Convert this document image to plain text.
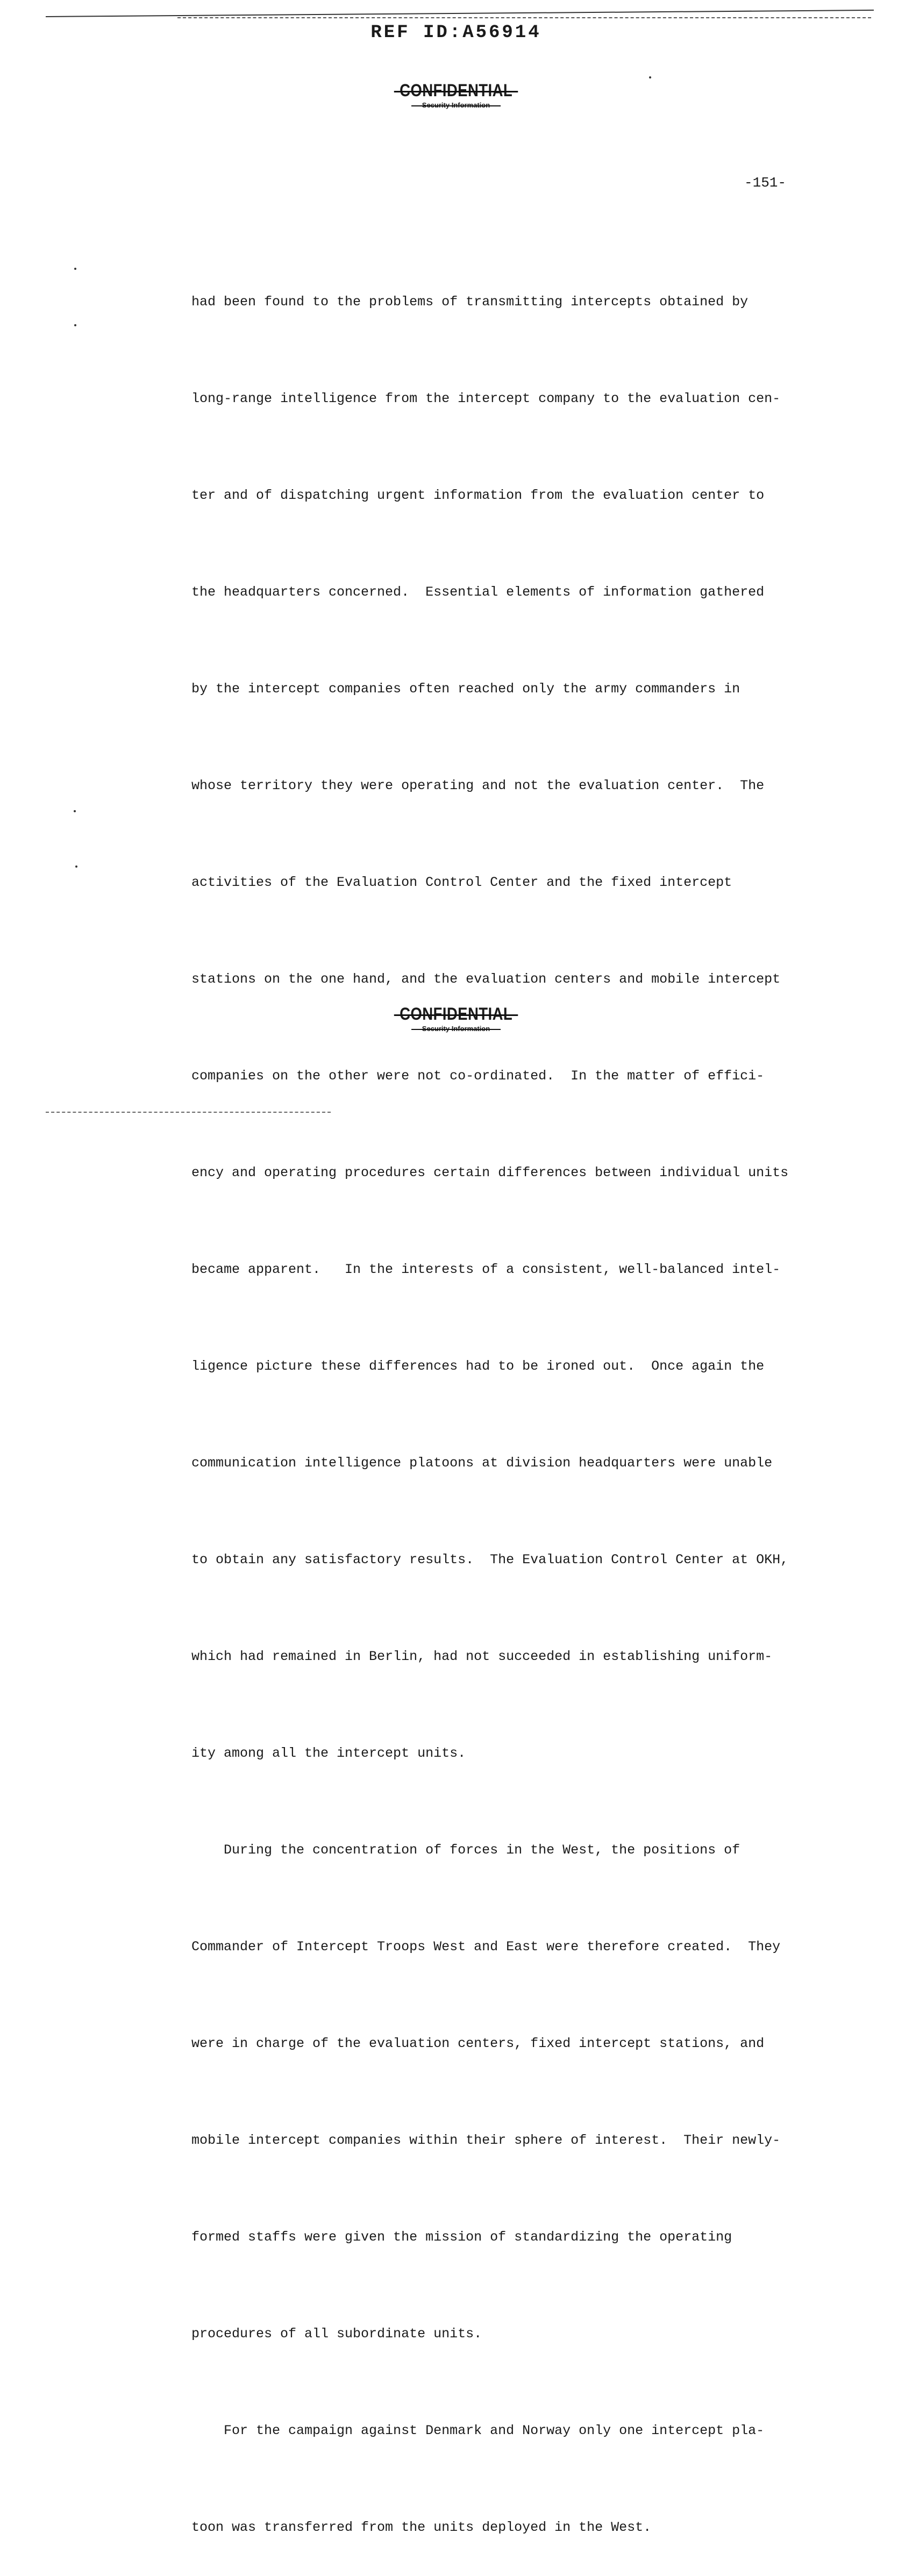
REF ID:A56914
CONFIDENTIAL
Security Information
-151-

had been found to the problems of transmitting intercepts obtained by

long-range intelligence from the intercept company to the evaluation cen-

ter and of dispatching urgent information from the evaluation center to

the headquarters concerned.  Essential elements of information gathered

by the intercept companies often reached only the army commanders in

whose territory they were operating and not the evaluation center.  The

activities of the Evaluation Control Center and the fixed intercept

stations on the one hand, and the evaluation centers and mobile intercept

companies on the other were not co-ordinated.  In the matter of effici-

ency and operating procedures certain differences between individual units

became apparent.   In the interests of a consistent, well-balanced intel-

ligence picture these differences had to be ironed out.  Once again the

communication intelligence platoons at division headquarters were unable

to obtain any satisfactory results.  The Evaluation Control Center at OKH,

which had remained in Berlin, had not succeeded in establishing uniform-

ity among all the intercept units.

During the concentration of forces in the West, the positions of

Commander of Intercept Troops West and East were therefore created.  They

were in charge of the evaluation centers, fixed intercept stations, and

mobile intercept companies within their sphere of interest.  Their newly-

formed staffs were given the mission of standardizing the operating

procedures of all subordinate units.

For the campaign against Denmark and Norway only one intercept pla-

toon was transferred from the units deployed in the West.

CONFIDENTIAL
Security Information
